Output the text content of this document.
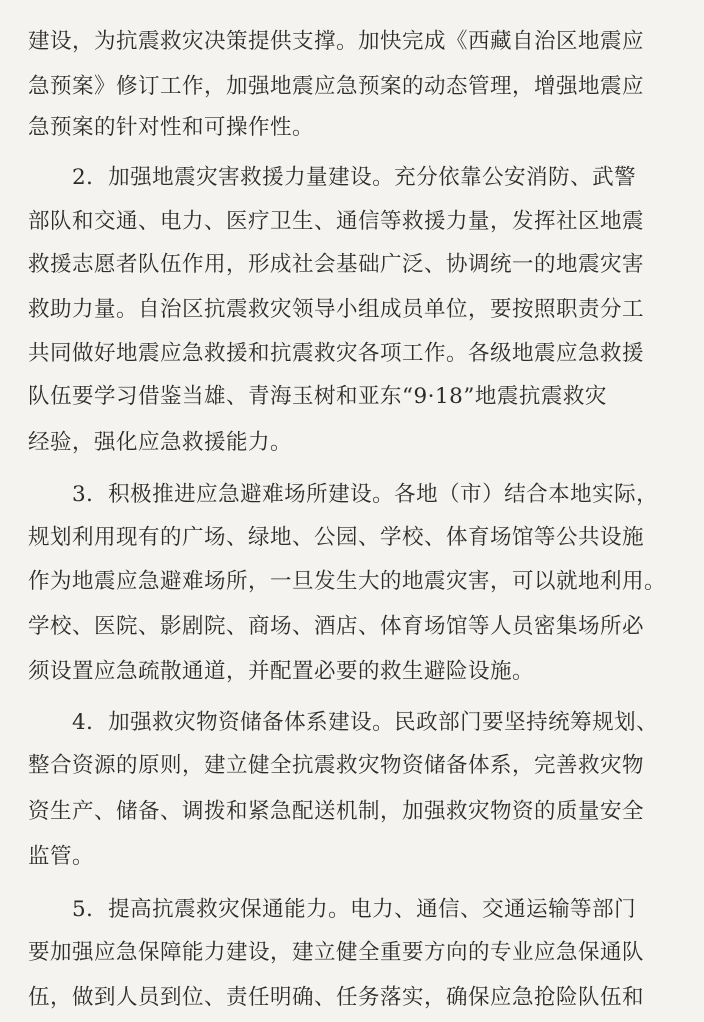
建设，为抗震救灾决策提供支撑。加快完成《西藏自治区地震应
急预案》修订工作，加强地震应急预案的动态管理，增强地震应
急预案的针对性和可操作性。
2．加强地震灾害救援力量建设。充分依靠公安消防、武警
部队和交通、电力、医疗卫生、通信等救援力量，发挥社区地震
救援志愿者队伍作用，形成社会基础广泛、协调统一的地震灾害
救助力量。自治区抗震救灾领导小组成员单位，要按照职责分工
共同做好地震应急救援和抗震救灾各项工作。各级地震应急救援
队伍要学习借鉴当雄、青海玉树和亚东“9·18”地震抗震救灾
经验，强化应急救援能力。
3．积极推进应急避难场所建设。各地（市）结合本地实际，
规划利用现有的广场、绿地、公园、学校、体育场馆等公共设施
作为地震应急避难场所，一旦发生大的地震灾害，可以就地利用。
学校、医院、影剧院、商场、酒店、体育场馆等人员密集场所必
须设置应急疏散通道，并配置必要的救生避险设施。
4．加强救灾物资储备体系建设。民政部门要坚持统筹规划、
整合资源的原则，建立健全抗震救灾物资储备体系，完善救灾物
资生产、储备、调拨和紧急配送机制，加强救灾物资的质量安全
监管。
5．提高抗震救灾保通能力。电力、通信、交通运输等部门
要加强应急保障能力建设，建立健全重要方向的专业应急保通队
伍，做到人员到位、责任明确、任务落实，确保应急抢险队伍和
